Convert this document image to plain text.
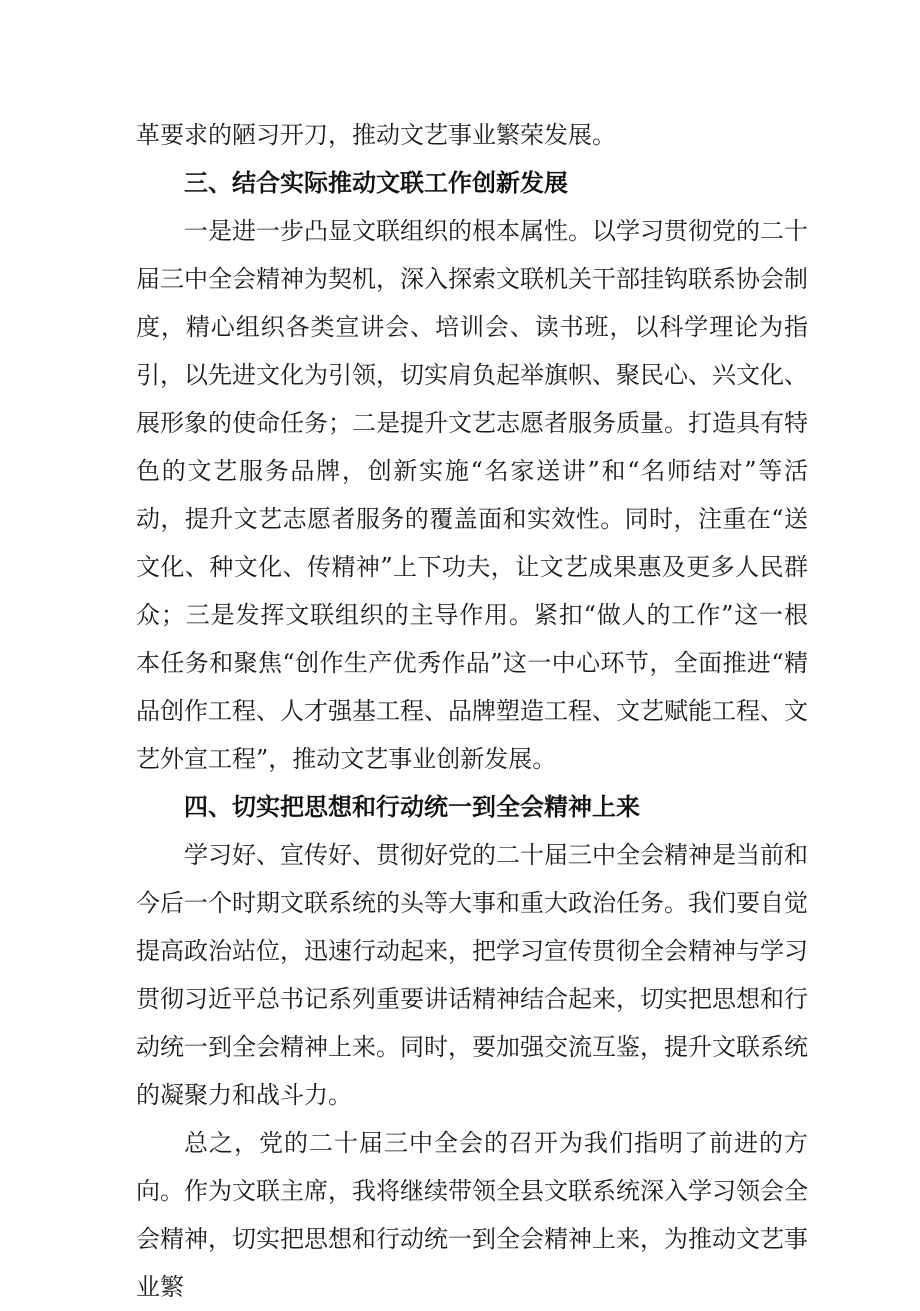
革要求的陋习开刀，推动文艺事业繁荣发展。

三、结合实际推动文联工作创新发展

一是进一步凸显文联组织的根本属性。以学习贯彻党的二十届三中全会精神为契机，深入探索文联机关干部挂钩联系协会制度，精心组织各类宣讲会、培训会、读书班，以科学理论为指引，以先进文化为引领，切实肩负起举旗帜、聚民心、兴文化、展形象的使命任务；二是提升文艺志愿者服务质量。打造具有特色的文艺服务品牌，创新实施“名家送讲”和“名师结对”等活动，提升文艺志愿者服务的覆盖面和实效性。同时，注重在“送文化、种文化、传精神”上下功夫，让文艺成果惠及更多人民群众；三是发挥文联组织的主导作用。紧扣“做人的工作”这一根本任务和聚焦“创作生产优秀作品”这一中心环节，全面推进“精品创作工程、人才强基工程、品牌塑造工程、文艺赋能工程、文艺外宣工程”，推动文艺事业创新发展。

四、切实把思想和行动统一到全会精神上来

学习好、宣传好、贯彻好党的二十届三中全会精神是当前和今后一个时期文联系统的头等大事和重大政治任务。我们要自觉提高政治站位，迅速行动起来，把学习宣传贯彻全会精神与学习贯彻习近平总书记系列重要讲话精神结合起来，切实把思想和行动统一到全会精神上来。同时，要加强交流互鉴，提升文联系统的凝聚力和战斗力。

总之，党的二十届三中全会的召开为我们指明了前进的方向。作为文联主席，我将继续带领全县文联系统深入学习领会全会精神，切实把思想和行动统一到全会精神上来，为推动文艺事业繁
